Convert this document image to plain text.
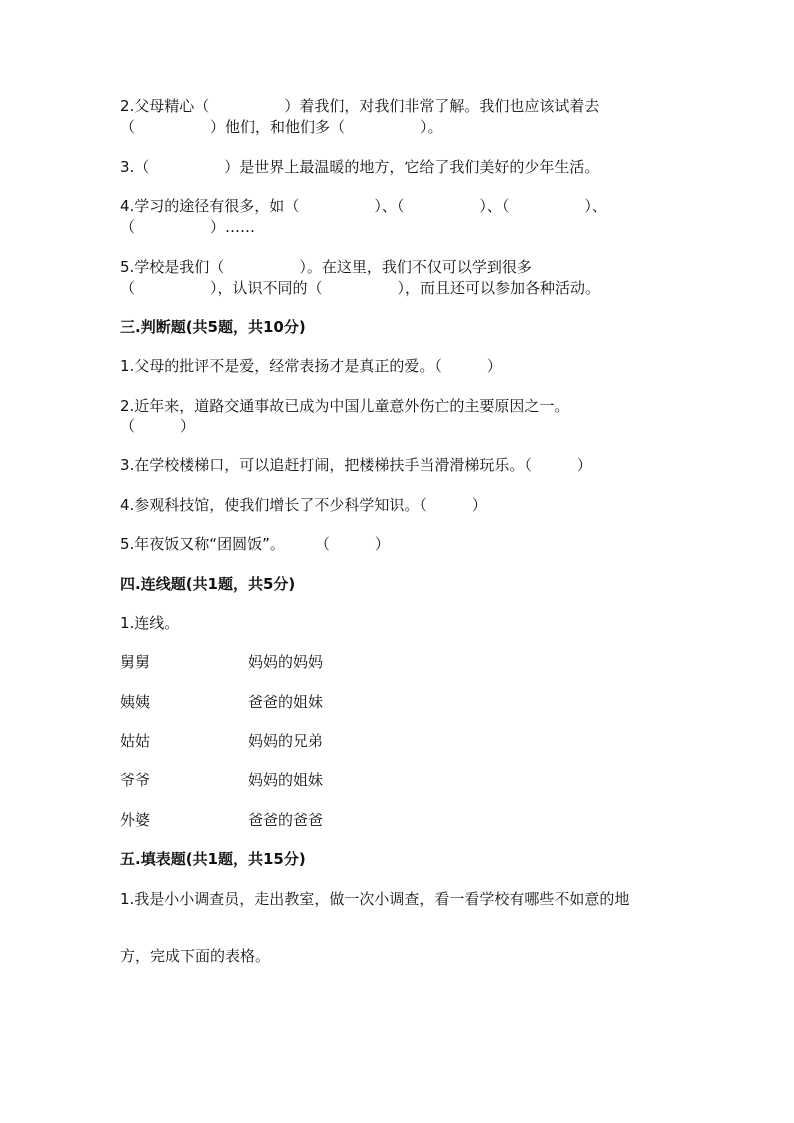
2.父母精心（　　　　　）着我们，对我们非常了解。我们也应该试着去
（　　　　　）他们，和他们多（　　　　　）。
3.（　　　　　）是世界上最温暖的地方，它给了我们美好的少年生活。
4.学习的途径有很多，如（　　　　　）、（　　　　　）、（　　　　　）、
（　　　　　）……
5.学校是我们（　　　　　）。在这里，我们不仅可以学到很多
（　　　　　），认识不同的（　　　　　），而且还可以参加各种活动。
三.判断题(共5题，共10分)
1.父母的批评不是爱，经常表扬才是真正的爱。（　　　）
2.近年来，道路交通事故已成为中国儿童意外伤亡的主要原因之一。
（　　　）
3.在学校楼梯口，可以追赶打闹，把楼梯扶手当滑滑梯玩乐。（　　　）
4.参观科技馆，使我们增长了不少科学知识。（　　　）
5.年夜饭又称“团圆饭”。　　　（　　　）
四.连线题(共1题，共5分)
1.连线。
舅舅	妈妈的妈妈
姨姨	爸爸的姐妹
姑姑	妈妈的兄弟
爷爷	妈妈的姐妹
外婆	爸爸的爸爸
五.填表题(共1题，共15分)
1.我是小小调查员，走出教室，做一次小调查，看一看学校有哪些不如意的地
方，完成下面的表格。
